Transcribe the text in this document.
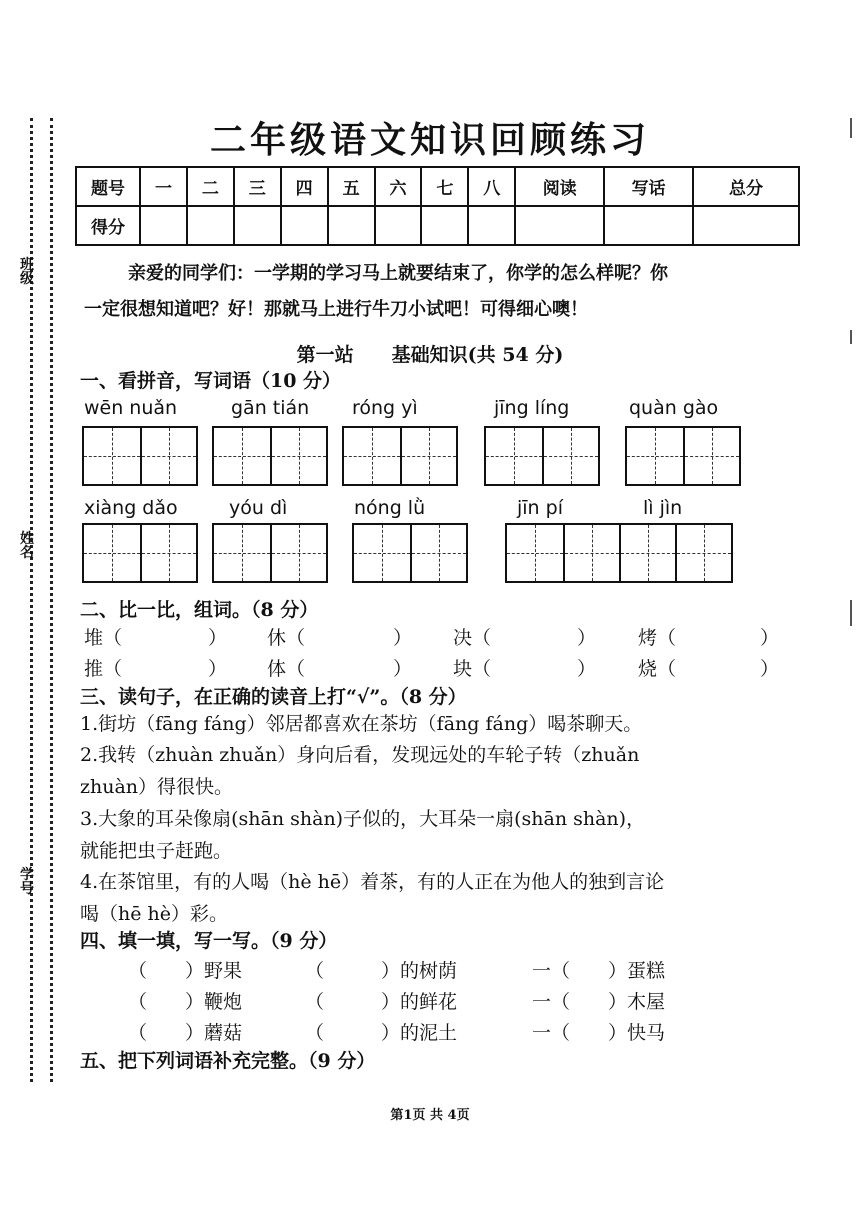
班级
姓名
学号
二年级语文知识回顾练习
题号	一	二	三	四	五	六	七	八	阅读	写话	总分
得分											
亲爱的同学们：一学期的学习马上就要结束了，你学的怎么样呢？你
一定很想知道吧？好！那就马上进行牛刀小试吧！可得细心噢！
第一站　　基础知识(共 54 分)
一、看拼音，写词语（10 分）
wēn nuǎn	gān tián róng yì	jīng líng	quàn gào
xiàng dǎo	yóu dì	nóng lǜ	jīn pí	lì jìn
二、比一比，组词。（8 分）
堆（	） 休（	） 决（	） 烤（	）
推（	） 体（	） 块（	） 烧（	）
三、读句子，在正确的读音上打“√”。（8 分）
1.街坊（fāng fáng）邻居都喜欢在茶坊（fāng fáng）喝茶聊天。
2.我转（zhuàn zhuǎn）身向后看，发现远处的车轮子转（zhuǎn
zhuàn）得很快。
3.大象的耳朵像扇(shān shàn)子似的，大耳朵一扇(shān shàn)，
就能把虫子赶跑。
4.在茶馆里，有的人喝（hè hē）着茶，有的人正在为他人的独到言论
喝（hē hè）彩。
四、填一填，写一写。（9 分）
（　　）野果	（　　　）的树荫	一（　　）蛋糕
（　　）鞭炮	（　　　）的鲜花	一（　　）木屋
（　　）蘑菇	（　　　）的泥土	一（　　）快马
五、把下列词语补充完整。（9 分）
第1页 共 4页
